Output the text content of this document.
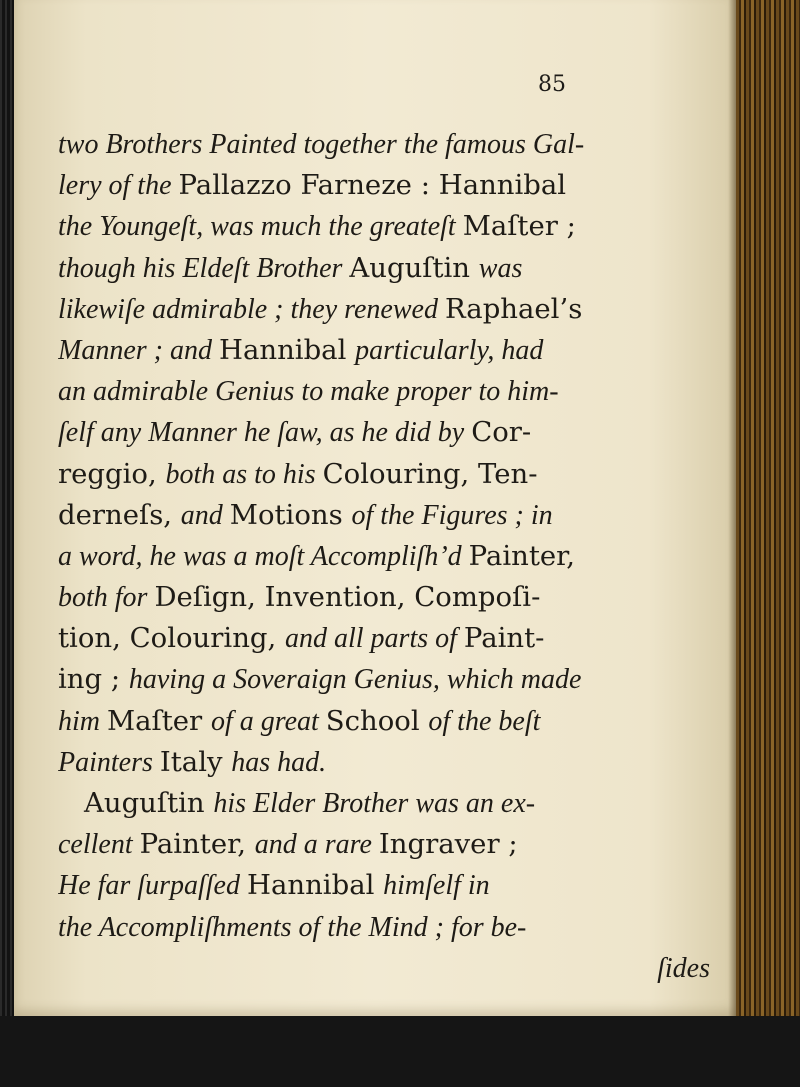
85
two Brothers Painted together the famous Gal-
lery of the Pallazzo Farneze : Hannibal
the Youngeſt, was much the greateſt Maſter ;
though his Eldeſt Brother Auguſtin was
likewiſe admirable ; they renewed Raphael’s
Manner ; and Hannibal particularly, had
an admirable Genius to make proper to him-
ſelf any Manner he ſaw, as he did by Cor-
reggio, both as to his Colouring, Ten-
derneſs, and Motions of the Figures ; in
a word, he was a moſt Accompliſh’d Painter,
both for Deſign, Invention, Compoſi-
tion, Colouring, and all parts of Paint-
ing ; having a Soveraign Genius, which made
him Maſter of a great School of the beſt
Painters Italy has had.
Auguſtin his Elder Brother was an ex-
cellent Painter, and a rare Ingraver ;
He far ſurpaſſed Hannibal himſelf in
the Accompliſhments of the Mind ; for be-
ſides
